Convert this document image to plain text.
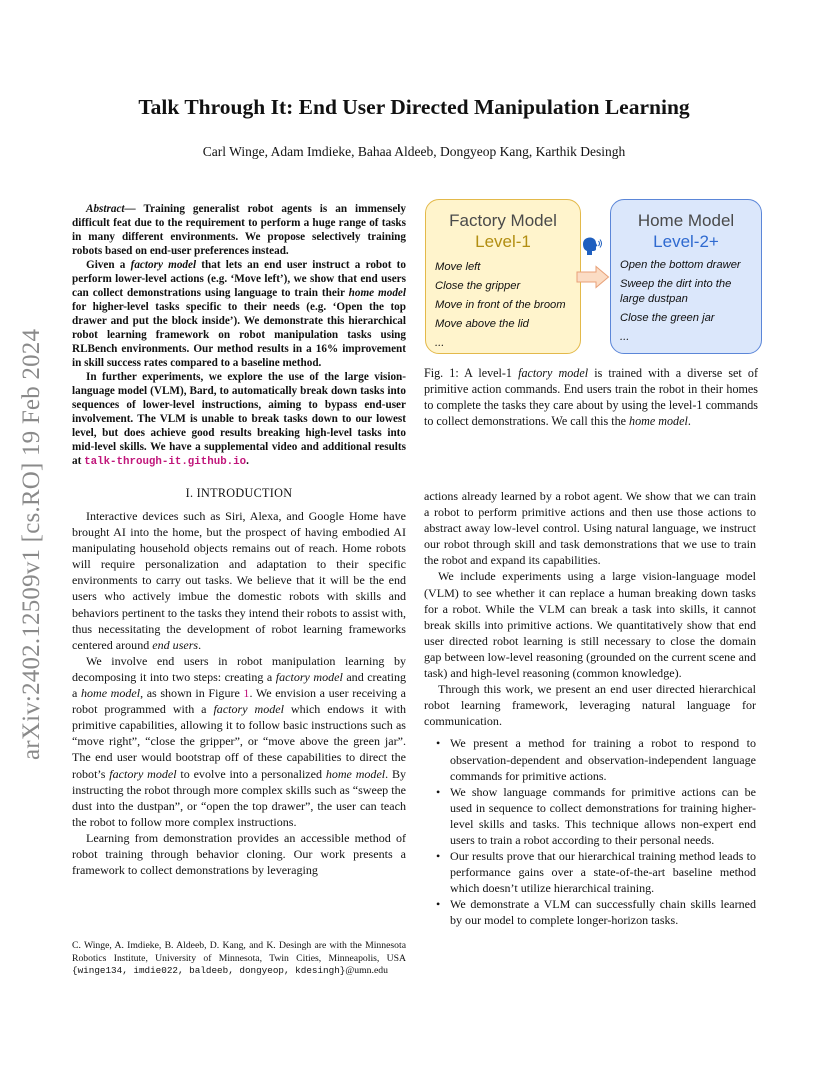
arXiv:2402.12509v1 [cs.RO] 19 Feb 2024
Talk Through It: End User Directed Manipulation Learning
Carl Winge, Adam Imdieke, Bahaa Aldeeb, Dongyeop Kang, Karthik Desingh

Abstract— Training generalist robot agents is an immensely difficult feat due to the requirement to perform a huge range of tasks in many different environments. We propose selectively training robots based on end-user preferences instead.

Given a factory model that lets an end user instruct a robot to perform lower-level actions (e.g. ‘Move left’), we show that end users can collect demonstrations using language to train their home model for higher-level tasks specific to their needs (e.g. ‘Open the top drawer and put the block inside’). We demonstrate this hierarchical robot learning framework on robot manipulation tasks using RLBench environments. Our method results in a 16% improvement in skill success rates compared to a baseline method.

In further experiments, we explore the use of the large vision-language model (VLM), Bard, to automatically break down tasks into sequences of lower-level instructions, aiming to bypass end-user involvement. The VLM is unable to break tasks down to our lowest level, but does achieve good results breaking high-level tasks into mid-level skills. We have a supplemental video and additional results at talk-through-it.github.io.

Factory Model
Level-1
Move left
Close the gripper
Move in front of the broom
Move above the lid
...
Home Model
Level-2+
Open the bottom drawer
Sweep the dirt into the large dustpan
Close the green jar
...
Fig. 1: A level-1 factory model is trained with a diverse set of primitive action commands. End users train the robot in their homes to complete the tasks they care about by using the level-1 commands to collect demonstrations. We call this the home model.
I. INTRODUCTION

Interactive devices such as Siri, Alexa, and Google Home have brought AI into the home, but the prospect of having embodied AI manipulating household objects remains out of reach. Home robots will require personalization and adaptation to their specific environments to carry out tasks. We believe that it will be the end users who actively imbue the domestic robots with skills and behaviors pertinent to the tasks they intend their robots to assist with, thus necessitating the development of robot learning frameworks centered around end users.

We involve end users in robot manipulation learning by decomposing it into two steps: creating a factory model and creating a home model, as shown in Figure 1. We envision a user receiving a robot programmed with a factory model which endows it with primitive capabilities, allowing it to follow basic instructions such as “move right”, “close the gripper”, or “move above the green jar”. The end user would bootstrap off of these capabilities to direct the robot’s factory model to evolve into a personalized home model. By instructing the robot through more complex skills such as “sweep the dust into the dustpan”, or “open the top drawer”, the user can teach the robot to follow more complex instructions.

Learning from demonstration provides an accessible method of robot training through behavior cloning. Our work presents a framework to collect demonstrations by leveraging

C. Winge, A. Imdieke, B. Aldeeb, D. Kang, and K. Desingh are with the Minnesota Robotics Institute, University of Minnesota, Twin Cities, Minneapolis, USA {winge134, imdie022, baldeeb, dongyeop, kdesingh}@umn.edu

actions already learned by a robot agent. We show that we can train a robot to perform primitive actions and then use those actions to abstract away low-level control. Using natural language, we instruct our robot through skill and task demonstrations that we use to train the robot and expand its capabilities.

We include experiments using a large vision-language model (VLM) to see whether it can replace a human breaking down tasks for a robot. While the VLM can break a task into skills, it cannot break skills into primitive actions. We quantitatively show that end user directed robot learning is still necessary to close the domain gap between low-level reasoning (grounded on the current scene and task) and high-level reasoning (common knowledge).

Through this work, we present an end user directed hierarchical robot learning framework, leveraging natural language for communication.

• We present a method for training a robot to respond to observation-dependent and observation-independent language commands for primitive actions.
• We show language commands for primitive actions can be used in sequence to collect demonstrations for training higher-level skills and tasks. This technique allows non-expert end users to train a robot according to their personal needs.
• Our results prove that our hierarchical training method leads to performance gains over a state-of-the-art baseline method which doesn’t utilize hierarchical training.
• We demonstrate a VLM can successfully chain skills learned by our model to complete longer-horizon tasks.
